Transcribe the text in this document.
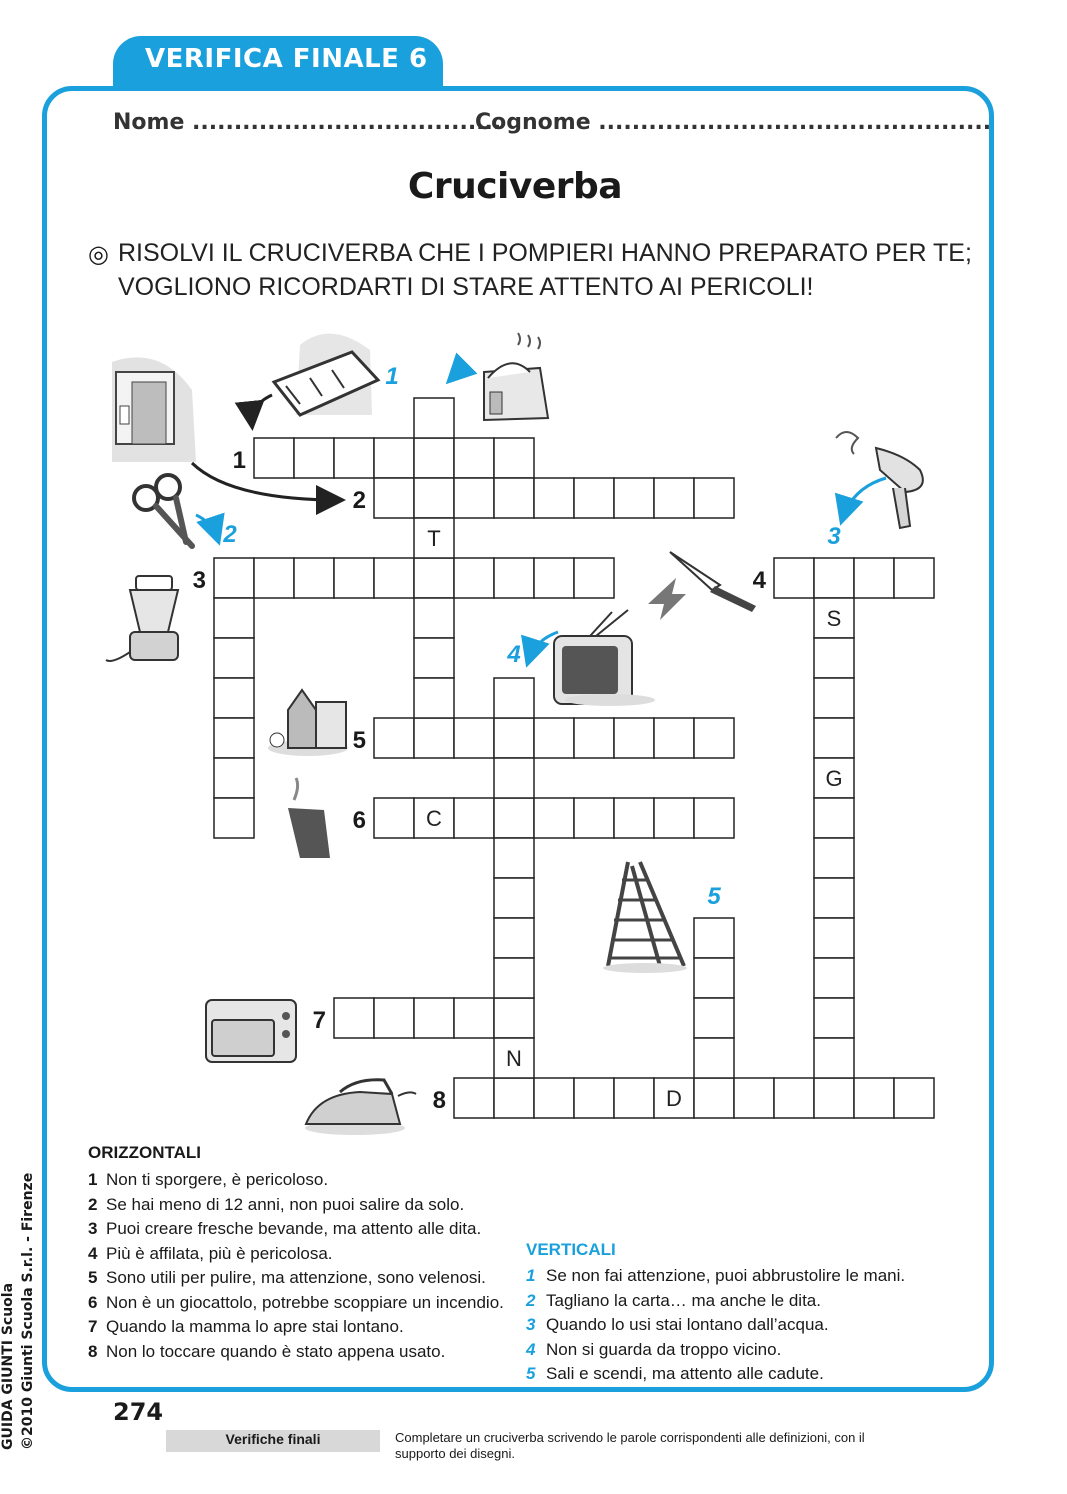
VERIFICA FINALE 6
Nome .....................................
Cognome ...............................................
Cruciverba
◎ RISOLVI IL CRUCIVERBA CHE I POMPIERI HANNO PREPARATO PER TE;
VOGLIONO RICORDARTI DI STARE ATTENTO AI PERICOLI!
T
S
G
C
N
D
1
2
3	4
5
6
7
8
1
2	3
4
5
ORIZZONTALI
1 Non ti sporgere, è pericoloso.
2 Se hai meno di 12 anni, non puoi salire da solo.
3 Puoi creare fresche bevande, ma attento alle dita.
4 Più è affilata, più è pericolosa.
5 Sono utili per pulire, ma attenzione, sono velenosi.
6 Non è un giocattolo, potrebbe scoppiare un incendio.
7 Quando la mamma lo apre stai lontano.
8 Non lo toccare quando è stato appena usato.
VERTICALI
1 Se non fai attenzione, puoi abbrustolire le mani.
2 Tagliano la carta… ma anche le dita.
3 Quando lo usi stai lontano dall’acqua.
4 Non si guarda da troppo vicino.
5 Sali e scendi, ma attento alle cadute.
GUIDA GIUNTI Scuola ©2010 Giunti Scuola S.r.l. - Firenze	274
Verifiche finali	Completare un cruciverba scrivendo le parole corrispondenti alle definizioni, con il supporto dei disegni.
